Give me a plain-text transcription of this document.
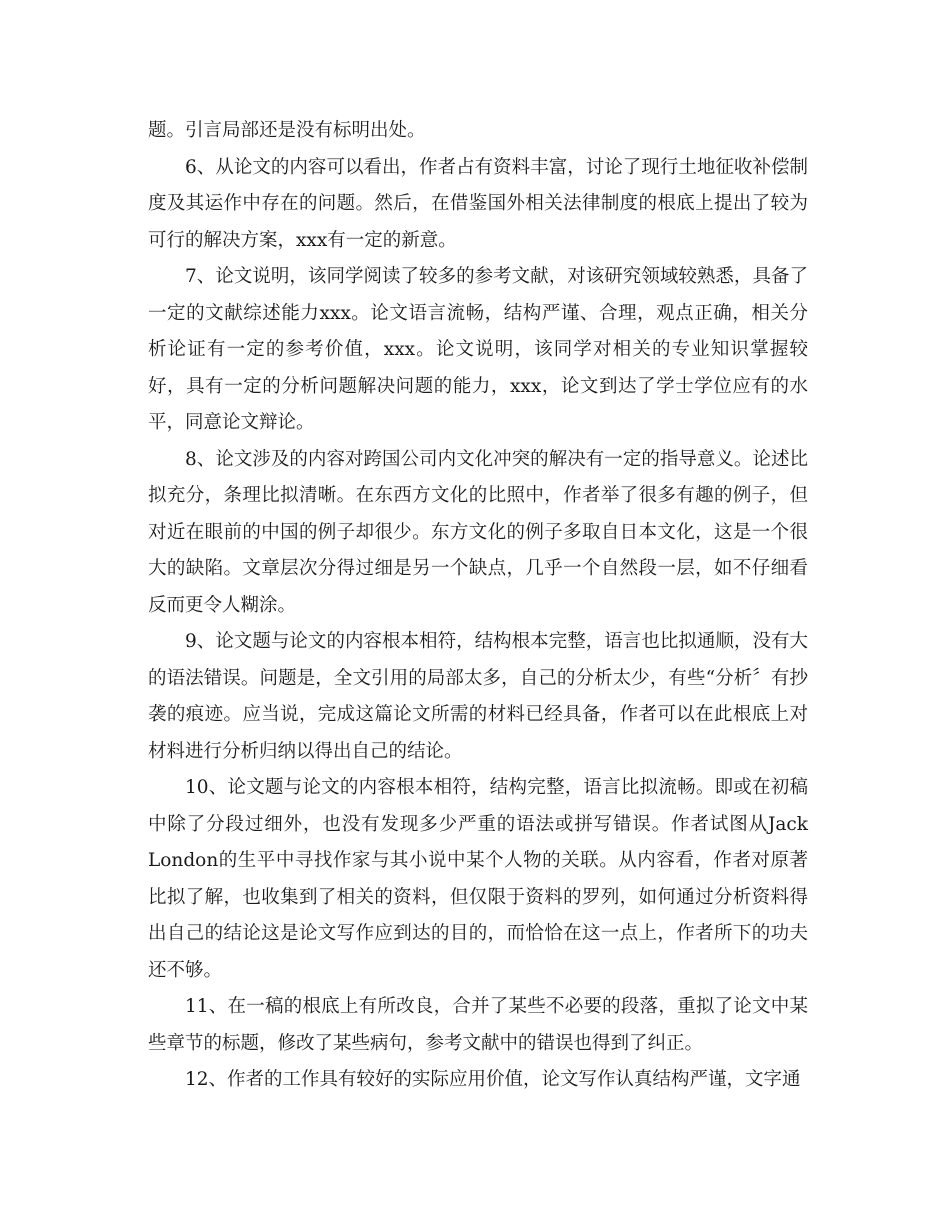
题。引言局部还是没有标明出处。

6、从论文的内容可以看出，作者占有资料丰富，讨论了现行土地征收补偿制度及其运作中存在的问题。然后，在借鉴国外相关法律制度的根底上提出了较为可行的解决方案，xxx有一定的新意。

7、论文说明，该同学阅读了较多的参考文献，对该研究领域较熟悉，具备了一定的文献综述能力xxx。论文语言流畅，结构严谨、合理，观点正确，相关分析论证有一定的参考价值，xxx。论文说明，该同学对相关的专业知识掌握较好，具有一定的分析问题解决问题的能力，xxx，论文到达了学士学位应有的水平，同意论文辩论。

8、论文涉及的内容对跨国公司内文化冲突的解决有一定的指导意义。论述比拟充分，条理比拟清晰。在东西方文化的比照中，作者举了很多有趣的例子，但对近在眼前的中国的例子却很少。东方文化的例子多取自日本文化，这是一个很大的缺陷。文章层次分得过细是另一个缺点，几乎一个自然段一层，如不仔细看反而更令人糊涂。

9、论文题与论文的内容根本相符，结构根本完整，语言也比拟通顺，没有大的语法错误。问题是，全文引用的局部太多，自己的分析太少，有些“分析〞有抄袭的痕迹。应当说，完成这篇论文所需的材料已经具备，作者可以在此根底上对材料进行分析归纳以得出自己的结论。

10、论文题与论文的内容根本相符，结构完整，语言比拟流畅。即或在初稿中除了分段过细外，也没有发现多少严重的语法或拼写错误。作者试图从Jack London的生平中寻找作家与其小说中某个人物的关联。从内容看，作者对原著比拟了解，也收集到了相关的资料，但仅限于资料的罗列，如何通过分析资料得出自己的结论这是论文写作应到达的目的，而恰恰在这一点上，作者所下的功夫还不够。

11、在一稿的根底上有所改良，合并了某些不必要的段落，重拟了论文中某些章节的标题，修改了某些病句，参考文献中的错误也得到了纠正。

12、作者的工作具有较好的实际应用价值，论文写作认真结构严谨，文字通
